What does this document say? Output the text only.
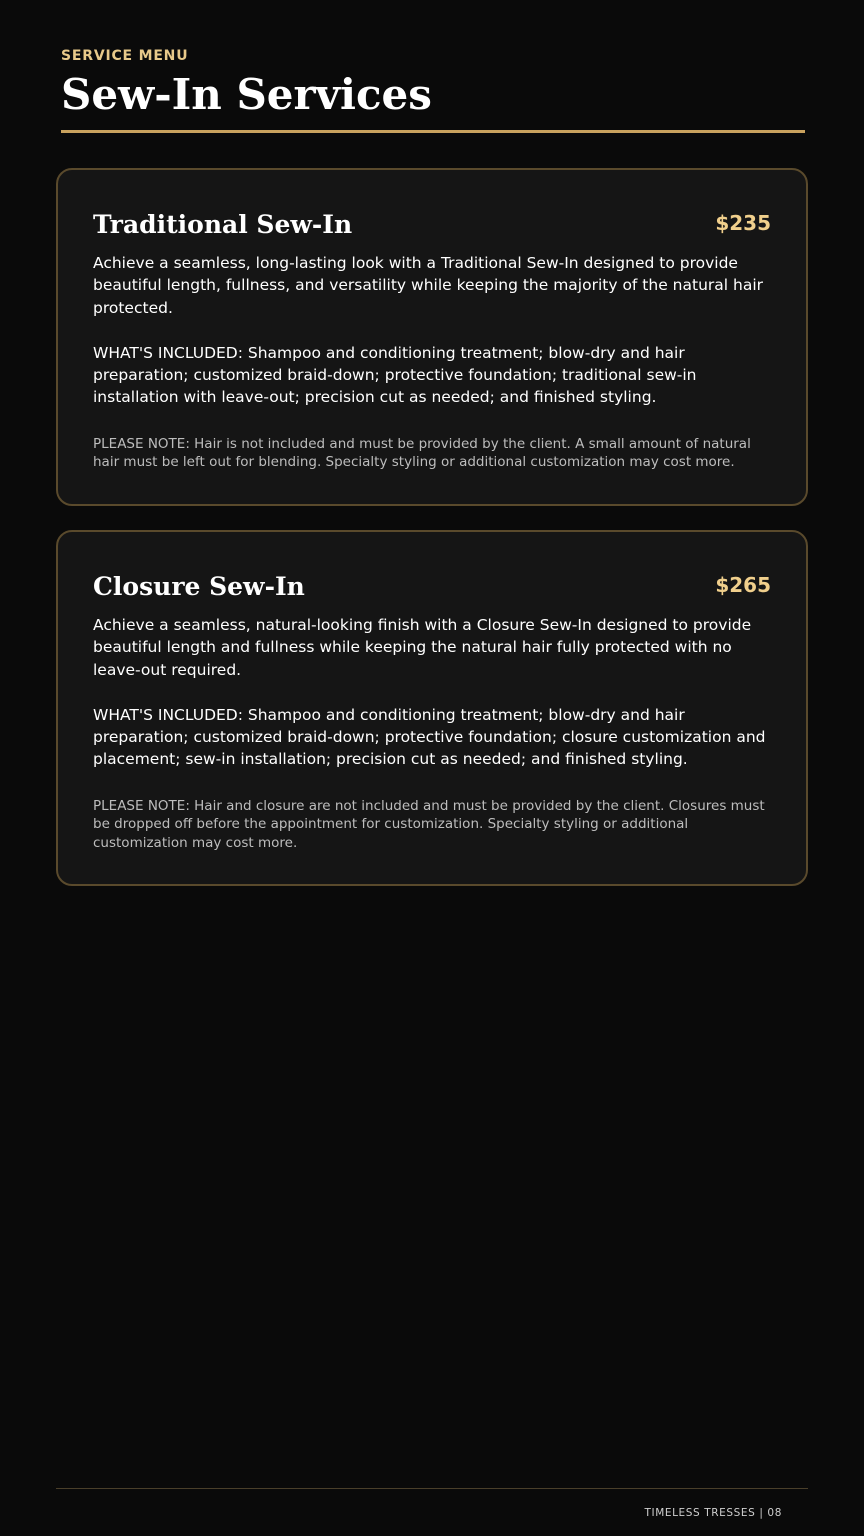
SERVICE MENU
Sew-In Services
Traditional Sew-In	$235

Achieve a seamless, long-lasting look with a Traditional Sew-In designed to provide beautiful length, fullness, and versatility while keeping the majority of the natural hair protected.

WHAT'S INCLUDED: Shampoo and conditioning treatment; blow-dry and hair preparation; customized braid-down; protective foundation; traditional sew-in installation with leave-out; precision cut as needed; and finished styling.

PLEASE NOTE: Hair is not included and must be provided by the client. A small amount of natural hair must be left out for blending. Specialty styling or additional customization may cost more.
Closure Sew-In	$265

Achieve a seamless, natural-looking finish with a Closure Sew-In designed to provide beautiful length and fullness while keeping the natural hair fully protected with no leave-out required.

WHAT'S INCLUDED: Shampoo and conditioning treatment; blow-dry and hair preparation; customized braid-down; protective foundation; closure customization and placement; sew-in installation; precision cut as needed; and finished styling.

PLEASE NOTE: Hair and closure are not included and must be provided by the client. Closures must be dropped off before the appointment for customization. Specialty styling or additional customization may cost more.
TIMELESS TRESSES | 08
